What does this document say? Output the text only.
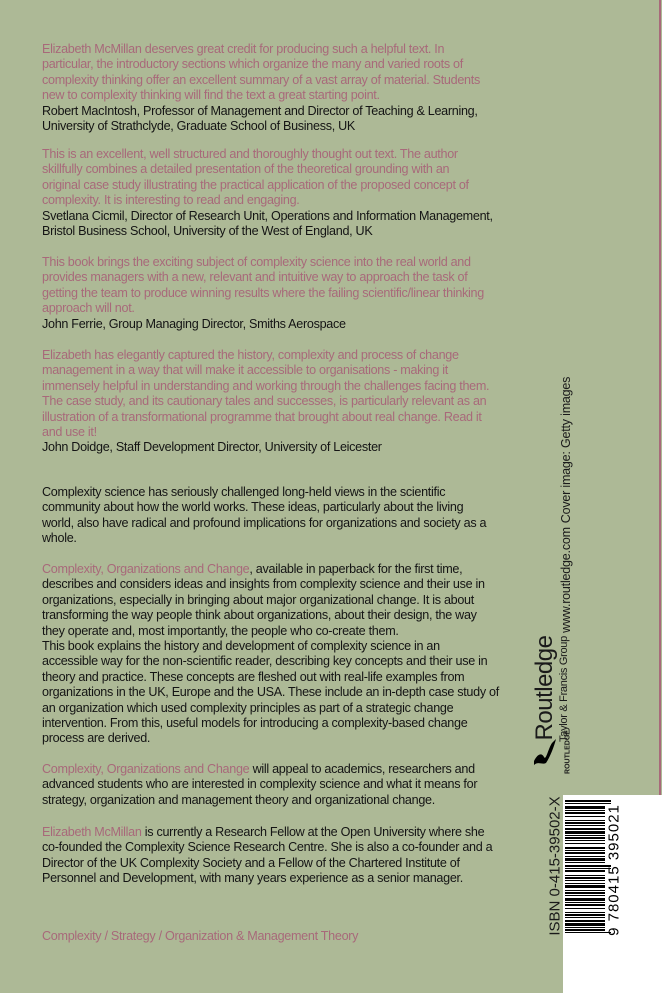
Elizabeth McMillan deserves great credit for producing such a helpful text. In
particular, the introductory sections which organize the many and varied roots of
complexity thinking offer an excellent summary of a vast array of material. Students
new to complexity thinking will find the text a great starting point.
Robert MacIntosh, Professor of Management and Director of Teaching & Learning,
University of Strathclyde, Graduate School of Business, UK
This is an excellent, well structured and thoroughly thought out text. The author
skillfully combines a detailed presentation of the theoretical grounding with an
original case study illustrating the practical application of the proposed concept of
complexity. It is interesting to read and engaging.
Svetlana Cicmil, Director of Research Unit, Operations and Information Management,
Bristol Business School, University of the West of England, UK
This book brings the exciting subject of complexity science into the real world and
provides managers with a new, relevant and intuitive way to approach the task of
getting the team to produce winning results where the failing scientific/linear thinking
approach will not.
John Ferrie, Group Managing Director, Smiths Aerospace
Elizabeth has elegantly captured the history, complexity and process of change
management in a way that will make it accessible to organisations - making it
immensely helpful in understanding and working through the challenges facing them.
The case study, and its cautionary tales and successes, is particularly relevant as an
illustration of a transformational programme that brought about real change. Read it
and use it!
John Doidge, Staff Development Director, University of Leicester
Complexity science has seriously challenged long-held views in the scientific
community about how the world works. These ideas, particularly about the living
world, also have radical and profound implications for organizations and society as a
whole.
Complexity, Organizations and Change, available in paperback for the first time,
describes and considers ideas and insights from complexity science and their use in
organizations, especially in bringing about major organizational change. It is about
transforming the way people think about organizations, about their design, the way
they operate and, most importantly, the people who co-create them.
This book explains the history and development of complexity science in an
accessible way for the non-scientific reader, describing key concepts and their use in
theory and practice. These concepts are fleshed out with real-life examples from
organizations in the UK, Europe and the USA. These include an in-depth case study of
an organization which used complexity principles as part of a strategic change
intervention. From this, useful models for introducing a complexity-based change
process are derived.
Complexity, Organizations and Change will appeal to academics, researchers and
advanced students who are interested in complexity science and what it means for
strategy, organization and management theory and organizational change.
Elizabeth McMillan is currently a Research Fellow at the Open University where she
co-founded the Complexity Science Research Centre. She is also a co-founder and a
Director of the UK Complexity Society and a Fellow of the Chartered Institute of
Personnel and Development, with many years experience as a senior manager.
Complexity / Strategy / Organization & Management Theory
Cover image: Getty images
www.routledge.com
Routledge Taylor & Francis Group
ROUTLEDGE
ISBN 0-415-39502-X	9 780415 395021
